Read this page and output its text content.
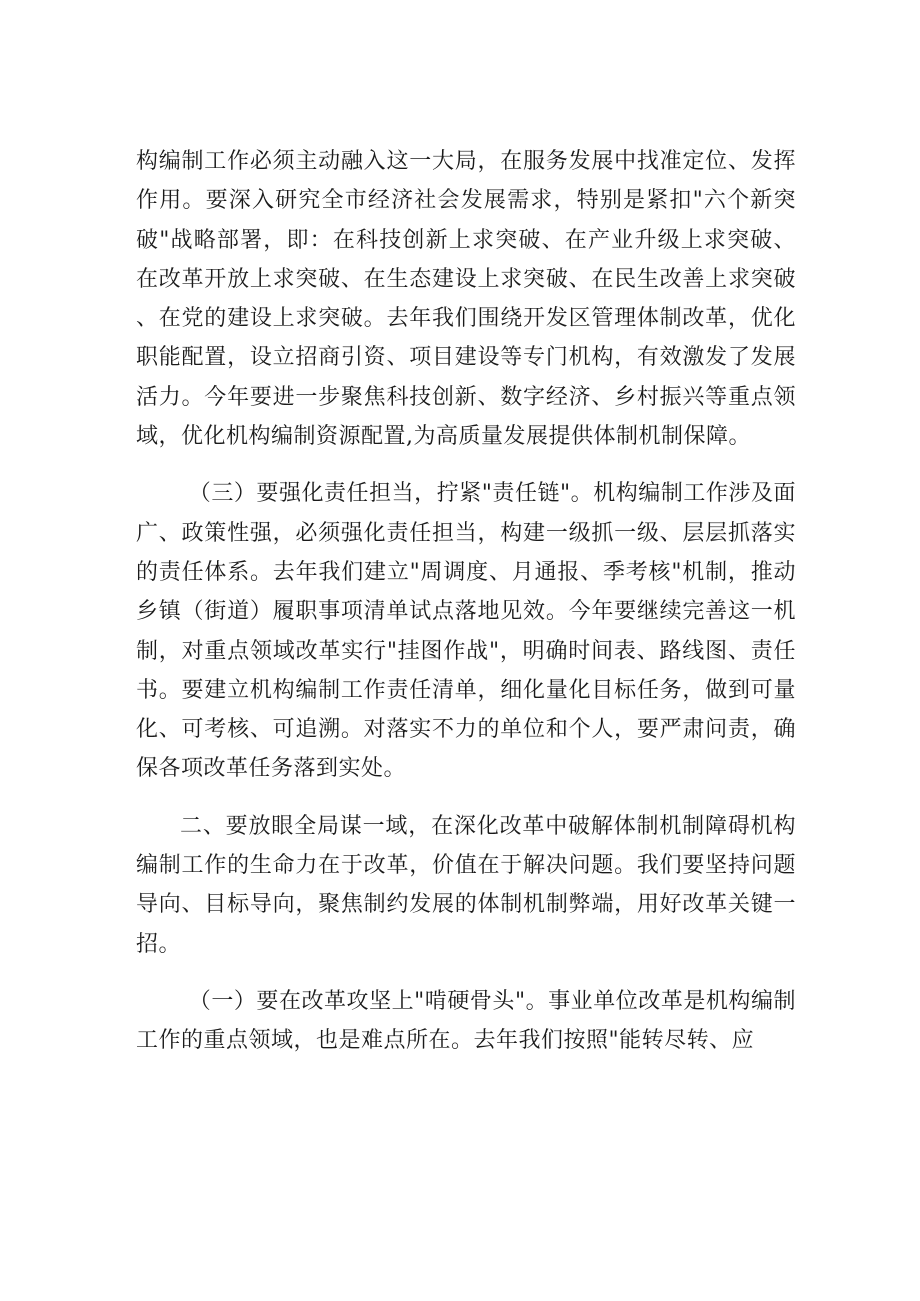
构编制工作必须主动融入这一大局，在服务发展中找准定位、发挥作用。要深入研究全市经济社会发展需求，特别是紧扣"六个新突破"战略部署，即：在科技创新上求突破、在产业升级上求突破、在改革开放上求突破、在生态建设上求突破、在民生改善上求突破、在党的建设上求突破。去年我们围绕开发区管理体制改革，优化职能配置，设立招商引资、项目建设等专门机构，有效激发了发展活力。今年要进一步聚焦科技创新、数字经济、乡村振兴等重点领域，优化机构编制资源配置,为高质量发展提供体制机制保障。

（三）要强化责任担当，拧紧"责任链"。机构编制工作涉及面广、政策性强，必须强化责任担当，构建一级抓一级、层层抓落实的责任体系。去年我们建立"周调度、月通报、季考核"机制，推动乡镇（街道）履职事项清单试点落地见效。今年要继续完善这一机制，对重点领域改革实行"挂图作战"，明确时间表、路线图、责任书。要建立机构编制工作责任清单，细化量化目标任务，做到可量化、可考核、可追溯。对落实不力的单位和个人，要严肃问责，确保各项改革任务落到实处。

二、要放眼全局谋一域，在深化改革中破解体制机制障碍机构编制工作的生命力在于改革，价值在于解决问题。我们要坚持问题导向、目标导向，聚焦制约发展的体制机制弊端，用好改革关键一招。

（一）要在改革攻坚上"啃硬骨头"。事业单位改革是机构编制工作的重点领域，也是难点所在。去年我们按照"能转尽转、应
